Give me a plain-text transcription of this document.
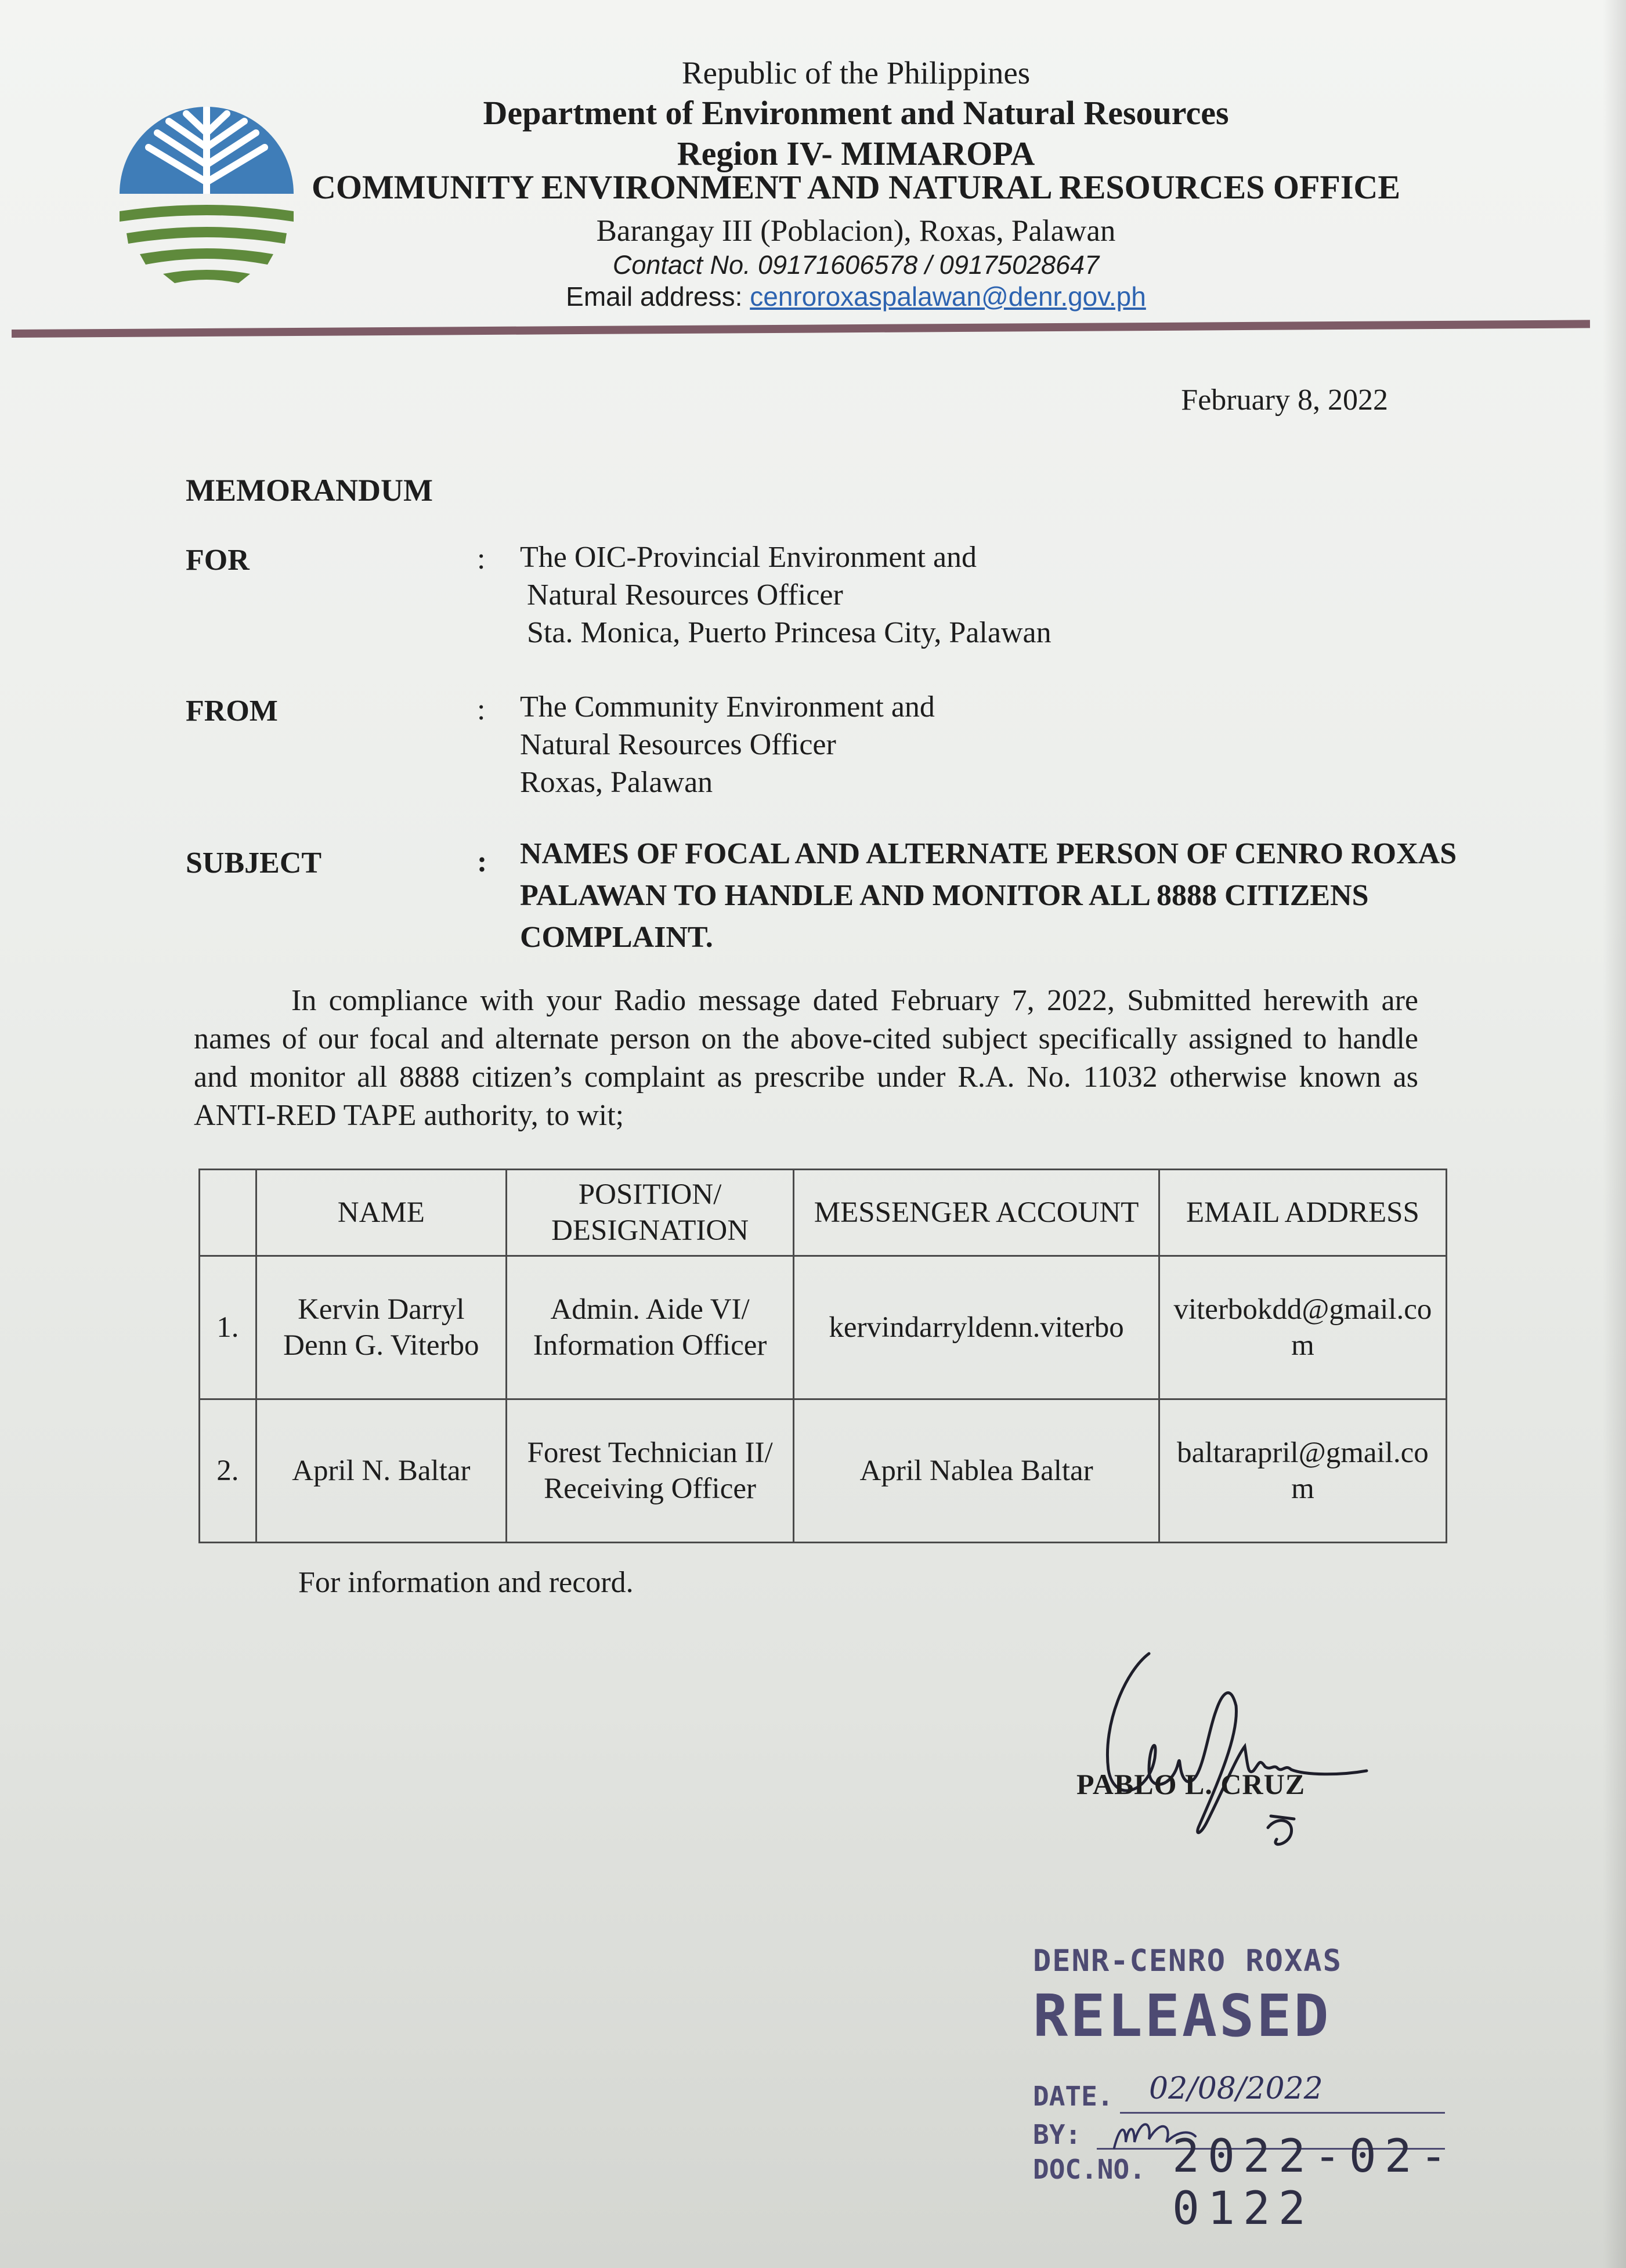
Republic of the Philippines
Department of Environment and Natural Resources
Region IV- MIMAROPA
COMMUNITY ENVIRONMENT AND NATURAL RESOURCES OFFICE
Barangay III (Poblacion), Roxas, Palawan
Contact No. 09171606578 / 09175028647
Email address: cenroroxaspalawan@denr.gov.ph
February 8, 2022
MEMORANDUM
FOR	: The OIC-Provincial Environment and
Natural Resources Officer
Sta. Monica, Puerto Princesa City, Palawan
FROM	: The Community Environment and
Natural Resources Officer
Roxas, Palawan
SUBJECT	: NAMES OF FOCAL AND ALTERNATE PERSON OF CENRO ROXAS PALAWAN TO HANDLE AND MONITOR ALL 8888 CITIZENS COMPLAINT.

In compliance with your Radio message dated February 7, 2022, Submitted herewith are names of our focal and alternate person on the above-cited subject specifically assigned to handle and monitor all 8888 citizen’s complaint as prescribe under R.A. No. 11032 otherwise known as ANTI-RED TAPE authority, to wit;

	NAME	POSITION/ DESIGNATION	MESSENGER ACCOUNT	EMAIL ADDRESS
1.	Kervin Darryl Denn G. Viterbo	Admin. Aide VI/ Information Officer	kervindarryldenn.viterbo	viterbokdd@gmail.com
2.	April N. Baltar	Forest Technician II/ Receiving Officer	April Nablea Baltar	baltarapril@gmail.com
For information and record.
PABLO L. CRUZ
DENR-CENRO ROXAS
RELEASED
DATE. 02/08/2022
BY:
DOC.NO. 2022-02-0122
